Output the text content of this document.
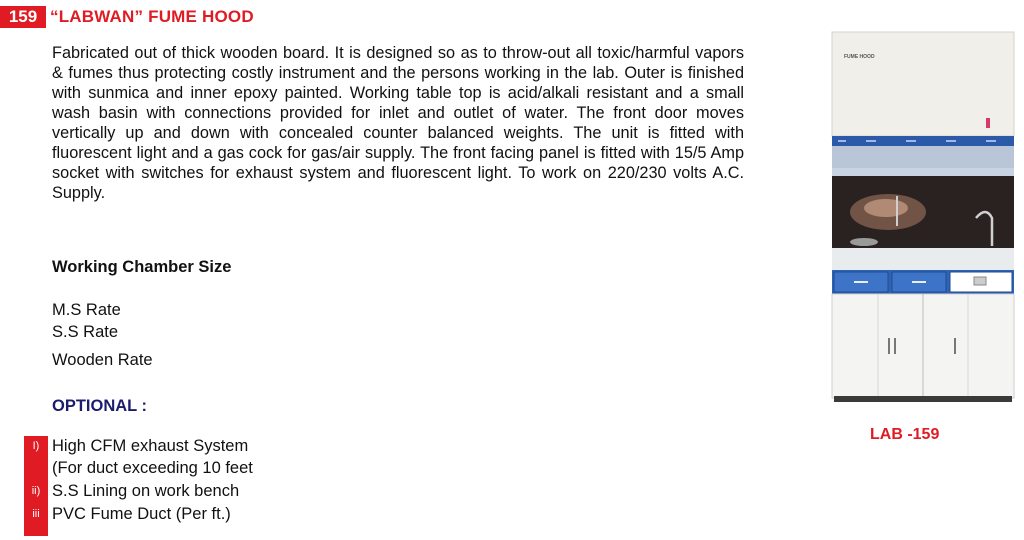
159 “LABWAN” FUME HOOD
Fabricated out of thick wooden board. It is designed so as to throw-out all toxic/harmful vapors & fumes thus protecting costly instrument and the persons working in the lab. Outer is finished with sunmica and inner epoxy painted. Working table top is acid/alkali resistant and a small wash basin with connections provided for inlet and outlet of water. The front door moves vertically up and down with concealed counter balanced weights. The unit is fitted with fluorescent light and a gas cock for gas/air supply. The front facing panel is fitted with 15/5 Amp socket with switches for exhaust system and fluorescent light. To work on 220/230 volts A.C. Supply.
Working Chamber Size
M.S Rate
S.S Rate
Wooden Rate
OPTIONAL :
I) High CFM exhaust System
(For duct exceeding 10 feet
ii) S.S Lining on work bench
iii PVC Fume Duct (Per ft.)
FUME HOOD
LAB -159
